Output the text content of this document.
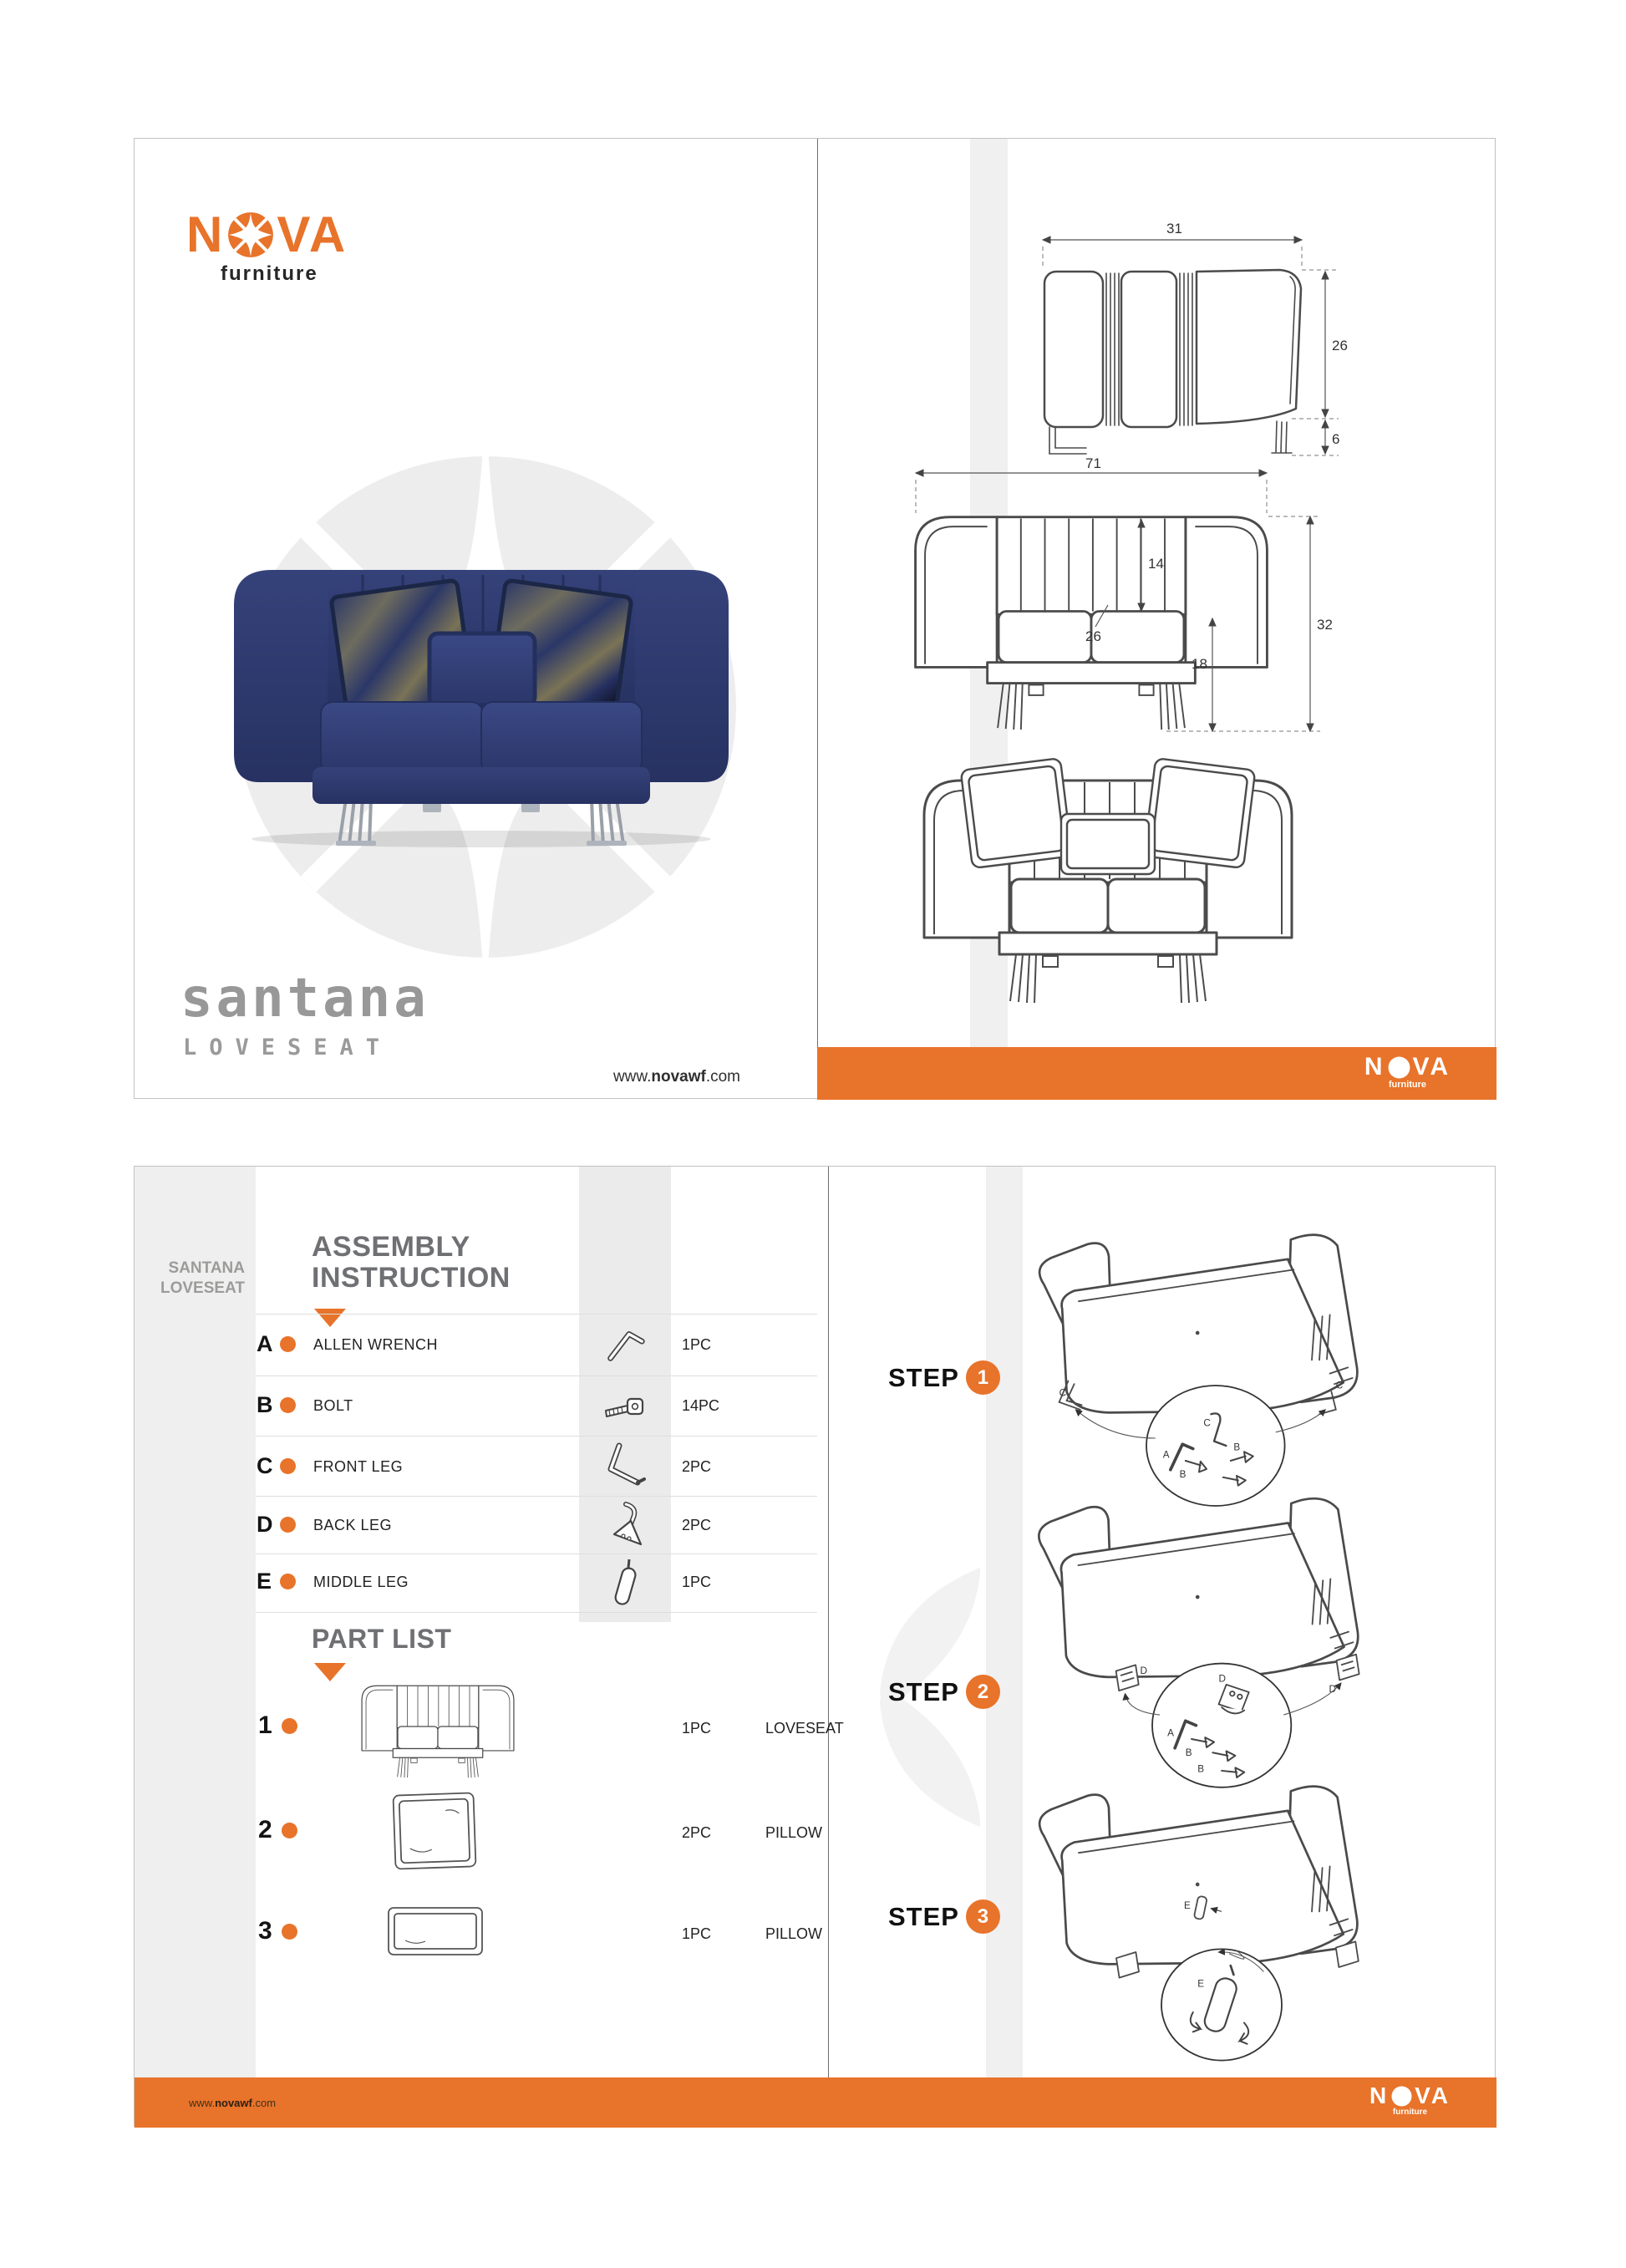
N VA
furniture
santana
LOVESEAT
www.novawf.com
31
26
6
71
14
26
18
32
N VA
furniture
SANTANA
LOVESEAT
ASSEMBLY
INSTRUCTION
A	ALLEN WRENCH	1PC
B	BOLT	14PC
C	FRONT LEG	2PC
D	BACK LEG	2PC
E	MIDDLE LEG	1PC
PART LIST
1	1PC	LOVESEAT
2	2PC	PILLOW
3	1PC	PILLOW
STEP 1
C
C
A
B
B
C
STEP 2
D
D
A
B
B
D
STEP 3	E
E
www.novawf.com	N VA
furniture
